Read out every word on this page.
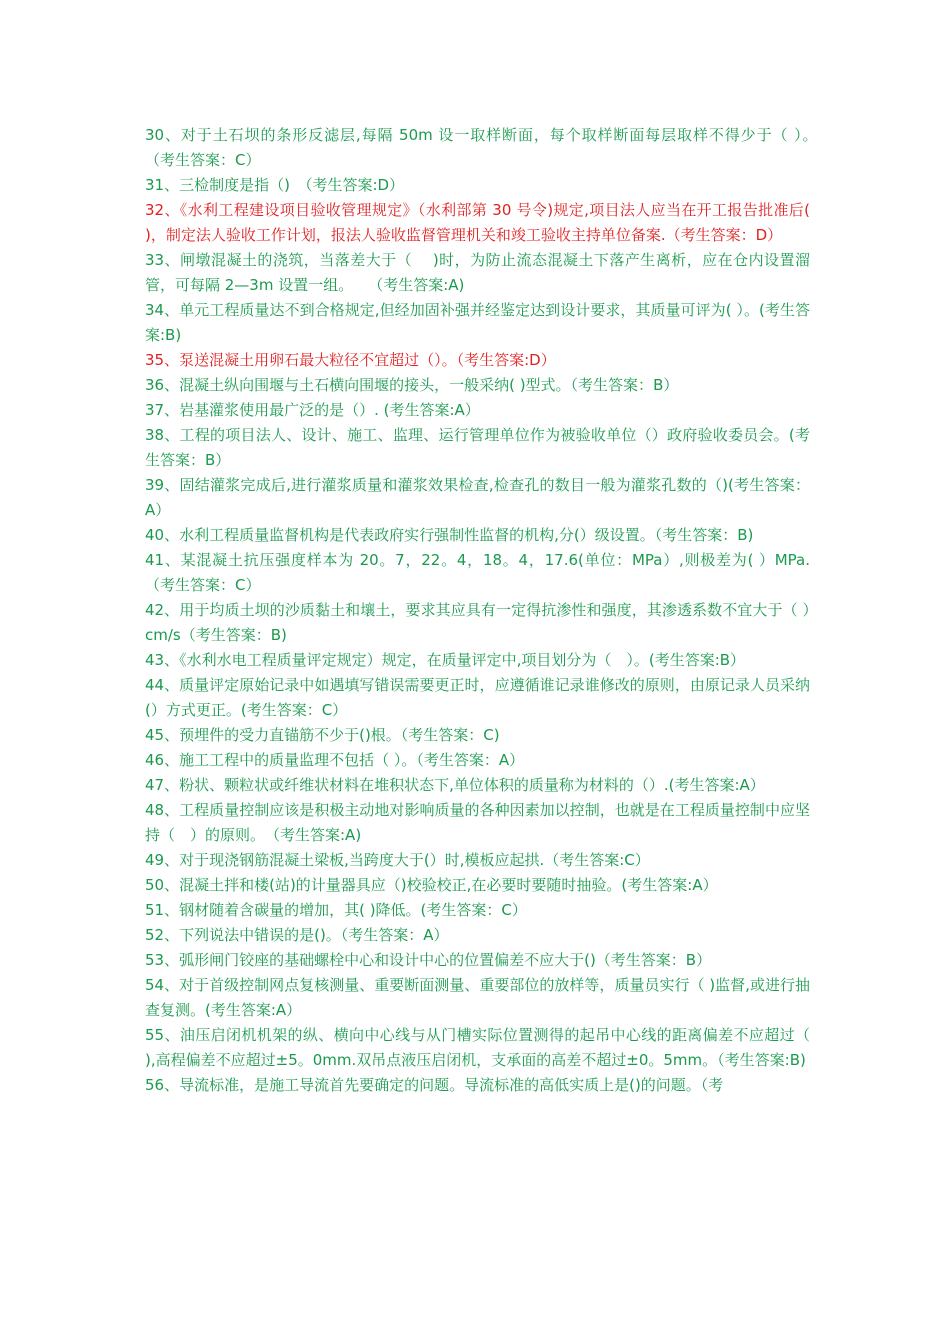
30、对于土石坝的条形反滤层,每隔 50m 设一取样断面，每个取样断面每层取样不得少于（ ）。　　（考生答案：C）

31、三检制度是指（)　（考生答案:D）

32、《水利工程建设项目验收管理规定》（水利部第 30 号令)规定,项目法人应当在开工报告批准后( )，制定法人验收工作计划，报法人验收监督管理机关和竣工验收主持单位备案.（考生答案：D）

33、闸墩混凝土的浇筑，当落差大于（　 )时，为防止流态混凝土下落产生离析，应在仓内设置溜管，可每隔 2—3m 设置一组。　　（考生答案:A)

34、单元工程质量达不到合格规定,但经加固补强并经鉴定达到设计要求，其质量可评为( ）。(考生答案:B)

35、泵送混凝土用卵石最大粒径不宜超过（）。（考生答案:D）

36、混凝土纵向围堰与土石横向围堰的接头，一般采纳( )型式。（考生答案：B）

37、岩基灌浆使用最广泛的是（）. (考生答案:A）

38、工程的项目法人、设计、施工、监理、运行管理单位作为被验收单位（）政府验收委员会。(考生答案：B）

39、固结灌浆完成后,进行灌浆质量和灌浆效果检查,检查孔的数目一般为灌浆孔数的（)(考生答案：A）

40、水利工程质量监督机构是代表政府实行强制性监督的机构,分(）级设置。（考生答案：B)

41、某混凝土抗压强度样本为 20。7，22。4，18。4，17.6(单位：MPa）,则极差为( ）MPa.（考生答案：C）

42、用于均质土坝的沙质黏土和壤土，要求其应具有一定得抗渗性和强度，其渗透系数不宜大于（ ）cm/s（考生答案：B)

43、《水利水电工程质量评定规定）规定，在质量评定中,项目划分为（　）。(考生答案:B）

44、质量评定原始记录中如遇填写错误需要更正时，应遵循谁记录谁修改的原则，由原记录人员采纳(）方式更正。(考生答案：C）

45、预埋件的受力直锚筋不少于()根。（考生答案：C)

46、施工工程中的质量监理不包括（ ）。（考生答案：A）

47、粉状、颗粒状或纤维状材料在堆积状态下,单位体积的质量称为材料的（）.(考生答案:A）

48、工程质量控制应该是积极主动地对影响质量的各种因素加以控制，也就是在工程质量控制中应坚持（　）的原则。　（考生答案:A)

49、对于现浇钢筋混凝土梁板,当跨度大于(）时,模板应起拱.（考生答案:C）

50、混凝土拌和楼(站)的计量器具应（)校验校正,在必要时要随时抽验。(考生答案:A）

51、钢材随着含碳量的增加，其( )降低。(考生答案：C）

52、下列说法中错误的是()。（考生答案：A）

53、弧形闸门铰座的基础螺栓中心和设计中心的位置偏差不应大于()（考生答案：B）

54、对于首级控制网点复核测量、重要断面测量、重要部位的放样等，质量员实行（ )监督,或进行抽查复测。(考生答案:A）

55、油压启闭机机架的纵、横向中心线与从门槽实际位置测得的起吊中心线的距离偏差不应超过（　　),高程偏差不应超过±5。0mm.双吊点液压启闭机，支承面的高差不超过±0。5mm。（考生答案:B)

56、导流标准，是施工导流首先要确定的问题。导流标准的高低实质上是()的问题。（考
